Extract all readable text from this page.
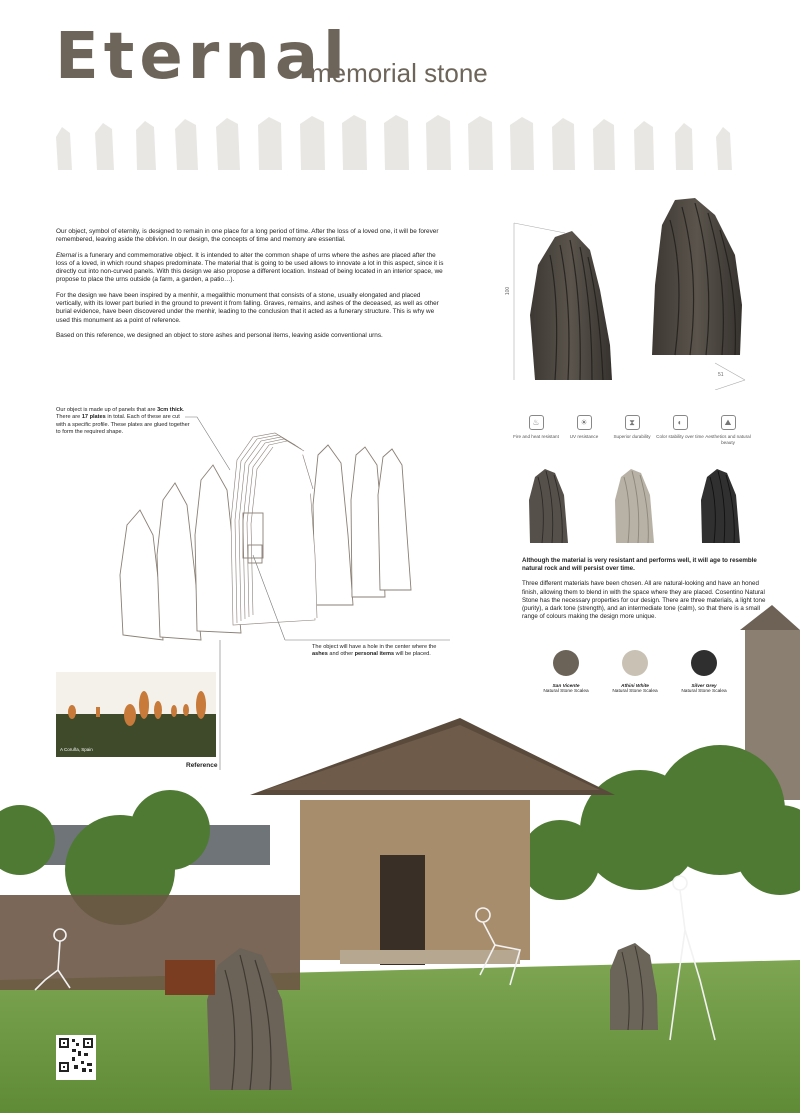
Eternal
memorial stone

Our object, symbol of eternity, is designed to remain in one place for a long period of time. After the loss of a loved one, it will be forever remembered, leaving aside the oblivion. In our design, the concepts of time and memory are essential.

Eternal is a funerary and commemorative object. It is intended to alter the common shape of urns where the ashes are placed after the loss of a loved, in which round shapes predominate. The material that is going to be used allows to innovate a lot in this aspect, since it is directly cut into non-curved panels. With this design we also propose a different location. Instead of being located in an interior space, we propose to place the urns outside (a farm, a garden, a patio…).

For the design we have been inspired by a menhir, a megalithic monument that consists of a stone, usually elongated and placed vertically, with its lower part buried in the ground to prevent it from falling. Graves, remains, and ashes of the deceased, as well as other burial evidence, have been discovered under the menhir, leading to the conclusion that it acted as a funerary structure. This is why we used this monument as a point of reference.

Based on this reference, we designed an object to store ashes and personal items, leaving aside conventional urns.

100
51
♨
Fire and heat resistant
☀
UV resistance
⧗
Superior durability
◐
Color stability over time
⛰
Aesthetics and natural beauty

Although the material is very resistant and performs well, it will age to resemble natural rock and will persist over time.

Three different materials have been chosen. All are natural-looking and have an honed finish, allowing them to blend in with the space where they are placed. Cosentino Natural Stone has the necessary properties for our design. There are three materials, a light tone (purity), a dark tone (strength), and an intermediate tone (calm), so that there is a small range of colours making the design more unique.

San Vicente
Natural Stone Scalea
Athini White
Natural Stone Scalea
Silver Grey
Natural Stone Scalea
Our object is made up of panels that are 3cm thick. There are 17 plates in total. Each of these are cut with a specific profile. These plates are glued together to form the required shape.
The object will have a hole in the center where the ashes and other personal items will be placed.
A Coruña, Spain
Reference
